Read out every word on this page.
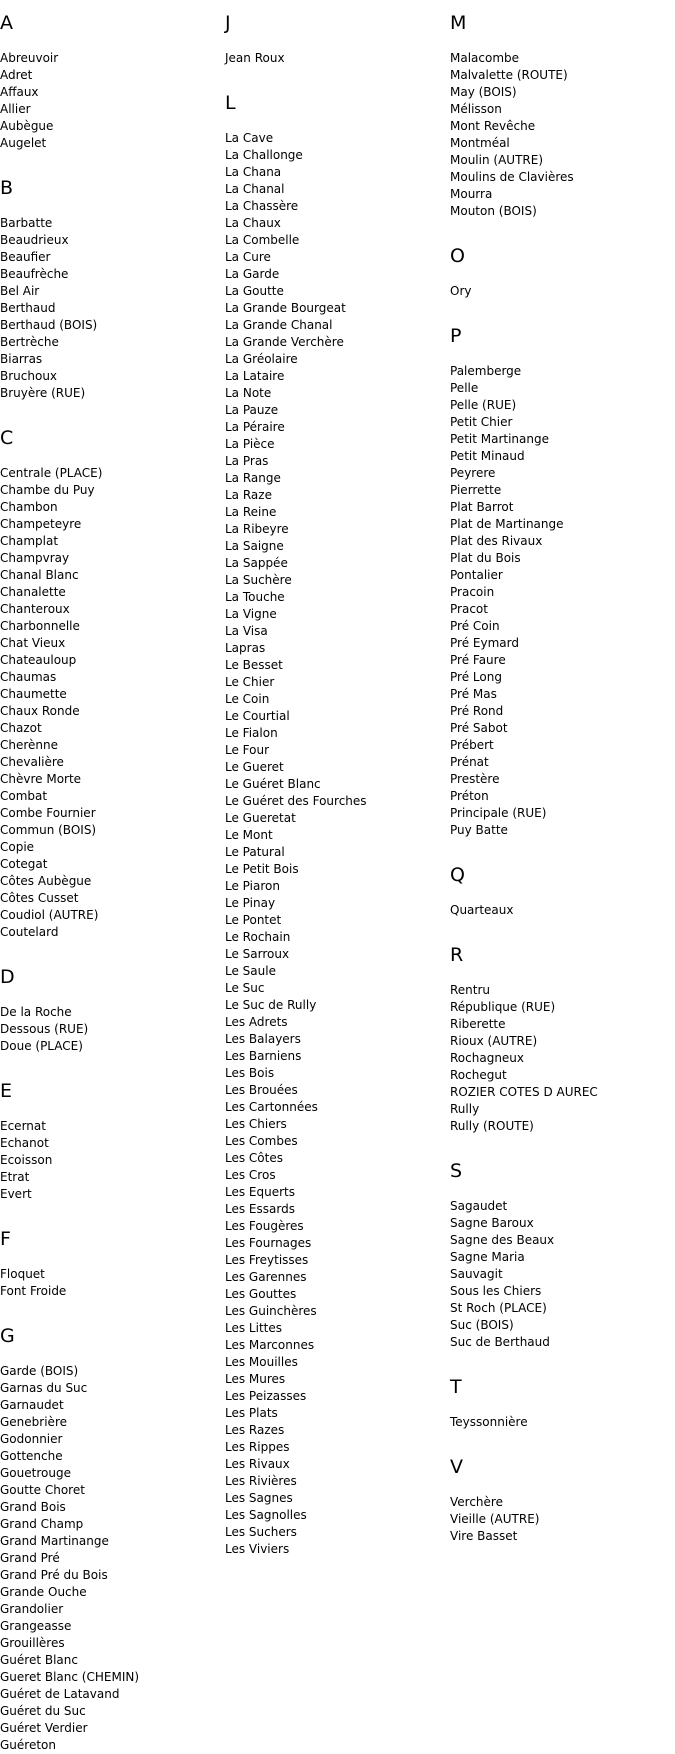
A
Abreuvoir
Adret
Affaux
Allier
Aubègue
Augelet
B
Barbatte
Beaudrieux
Beaufier
Beaufrèche
Bel Air
Berthaud
Berthaud (BOIS)
Bertrèche
Biarras
Bruchoux
Bruyère (RUE)
C
Centrale (PLACE)
Chambe du Puy
Chambon
Champeteyre
Champlat
Champvray
Chanal Blanc
Chanalette
Chanteroux
Charbonnelle
Chat Vieux
Chateauloup
Chaumas
Chaumette
Chaux Ronde
Chazot
Cherènne
Chevalière
Chèvre Morte
Combat
Combe Fournier
Commun (BOIS)
Copie
Cotegat
Côtes Aubègue
Côtes Cusset
Coudiol (AUTRE)
Coutelard
D
De la Roche
Dessous (RUE)
Doue (PLACE)
E
Ecernat
Echanot
Ecoisson
Etrat
Evert
F
Floquet
Font Froide
G
Garde (BOIS)
Garnas du Suc
Garnaudet
Genebrière
Godonnier
Gottenche
Gouetrouge
Goutte Choret
Grand Bois
Grand Champ
Grand Martinange
Grand Pré
Grand Pré du Bois
Grande Ouche
Grandolier
Grangeasse
Grouillères
Guéret Blanc
Gueret Blanc (CHEMIN)
Guéret de Latavand
Guéret du Suc
Guéret Verdier
Guéreton
J
Jean Roux
L
La Cave
La Challonge
La Chana
La Chanal
La Chassère
La Chaux
La Combelle
La Cure
La Garde
La Goutte
La Grande Bourgeat
La Grande Chanal
La Grande Verchère
La Gréolaire
La Lataire
La Note
La Pauze
La Péraire
La Pièce
La Pras
La Range
La Raze
La Reine
La Ribeyre
La Saigne
La Sappée
La Suchère
La Touche
La Vigne
La Visa
Lapras
Le Besset
Le Chier
Le Coin
Le Courtial
Le Fialon
Le Four
Le Gueret
Le Guéret Blanc
Le Guéret des Fourches
Le Gueretat
Le Mont
Le Patural
Le Petit Bois
Le Piaron
Le Pinay
Le Pontet
Le Rochain
Le Sarroux
Le Saule
Le Suc
Le Suc de Rully
Les Adrets
Les Balayers
Les Barniens
Les Bois
Les Brouées
Les Cartonnées
Les Chiers
Les Combes
Les Côtes
Les Cros
Les Equerts
Les Essards
Les Fougères
Les Fournages
Les Freytisses
Les Garennes
Les Gouttes
Les Guinchères
Les Littes
Les Marconnes
Les Mouilles
Les Mures
Les Peizasses
Les Plats
Les Razes
Les Rippes
Les Rivaux
Les Rivières
Les Sagnes
Les Sagnolles
Les Suchers
Les Viviers
M
Malacombe
Malvalette (ROUTE)
May (BOIS)
Mélisson
Mont Revêche
Montméal
Moulin (AUTRE)
Moulins de Clavières
Mourra
Mouton (BOIS)
O
Ory
P
Palemberge
Pelle
Pelle (RUE)
Petit Chier
Petit Martinange
Petit Minaud
Peyrere
Pierrette
Plat Barrot
Plat de Martinange
Plat des Rivaux
Plat du Bois
Pontalier
Pracoin
Pracot
Pré Coin
Pré Eymard
Pré Faure
Pré Long
Pré Mas
Pré Rond
Pré Sabot
Prébert
Prénat
Prestère
Préton
Principale (RUE)
Puy Batte
Q
Quarteaux
R
Rentru
République (RUE)
Riberette
Rioux (AUTRE)
Rochagneux
Rochegut
ROZIER COTES D AUREC
Rully
Rully (ROUTE)
S
Sagaudet
Sagne Baroux
Sagne des Beaux
Sagne Maria
Sauvagit
Sous les Chiers
St Roch (PLACE)
Suc (BOIS)
Suc de Berthaud
T
Teyssonnière
V
Verchère
Vieille (AUTRE)
Vire Basset
